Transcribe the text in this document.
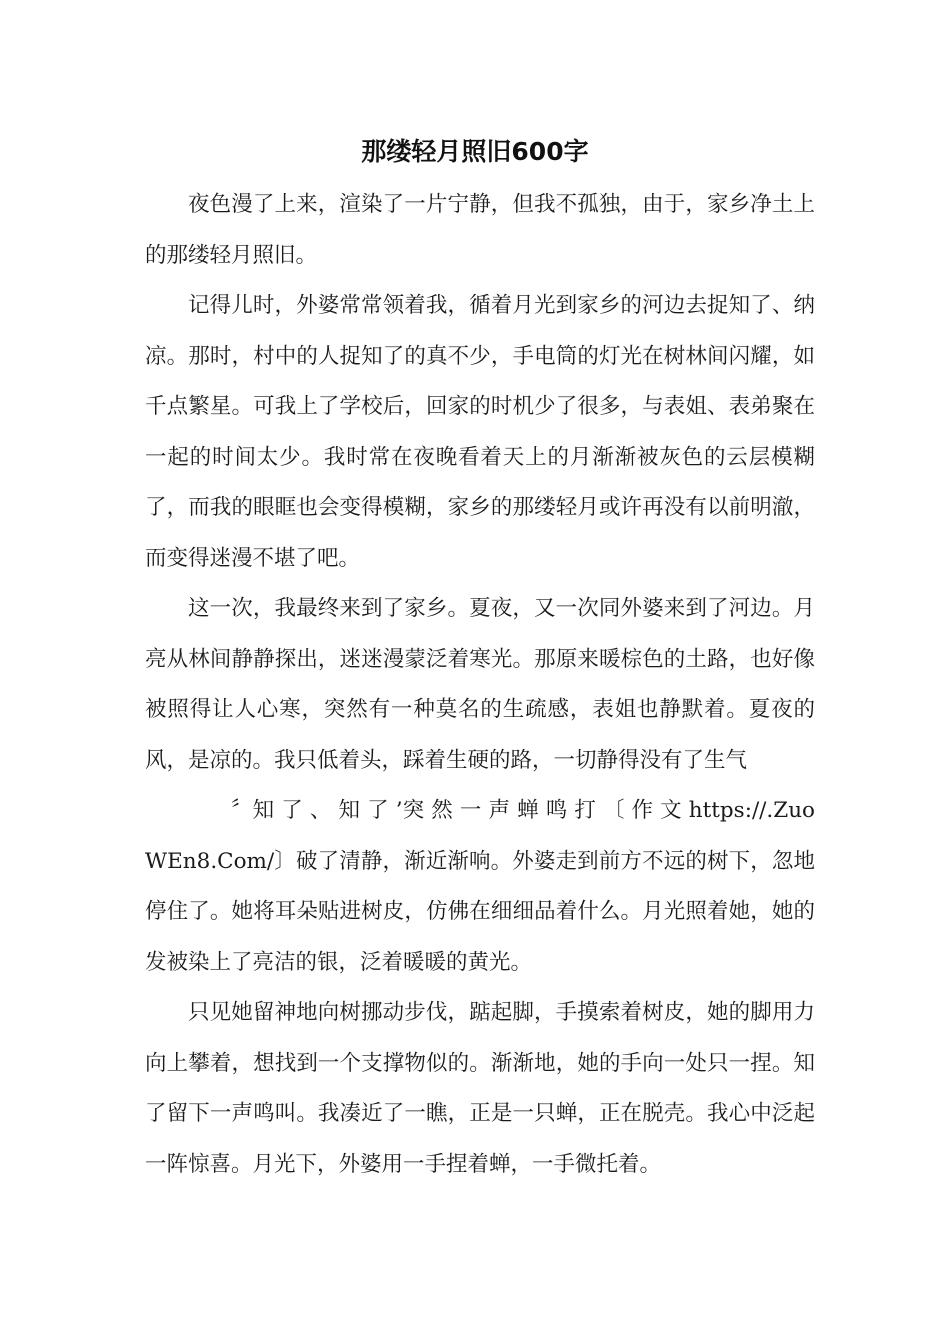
那缕轻月照旧600字

夜色漫了上来，渲染了一片宁静，但我不孤独，由于，家乡净土上的那缕轻月照旧。

记得儿时，外婆常常领着我，循着月光到家乡的河边去捉知了、纳凉。那时，村中的人捉知了的真不少，手电筒的灯光在树林间闪耀，如千点繁星。可我上了学校后，回家的时机少了很多，与表姐、表弟聚在一起的时间太少。我时常在夜晚看着天上的月渐渐被灰色的云层模糊了，而我的眼眶也会变得模糊，家乡的那缕轻月或许再没有以前明澈，而变得迷漫不堪了吧。

这一次，我最终来到了家乡。夏夜，又一次同外婆来到了河边。月亮从林间静静探出，迷迷漫蒙泛着寒光。那原来暖棕色的土路，也好像被照得让人心寒，突然有一种莫名的生疏感，表姐也静默着。夏夜的风，是凉的。我只低着头，踩着生硬的路，一切静得没有了生气

〞知 了 、 知 了 ’突 然 一 声 蝉 鸣 打 〔 作 文 https://.ZuoWEn8.Com/〕破了清静，渐近渐响。外婆走到前方不远的树下，忽地停住了。她将耳朵贴进树皮，仿佛在细细品着什么。月光照着她，她的发被染上了亮洁的银，泛着暖暖的黄光。

只见她留神地向树挪动步伐，踮起脚，手摸索着树皮，她的脚用力向上攀着，想找到一个支撑物似的。渐渐地，她的手向一处只一捏。知了留下一声鸣叫。我凑近了一瞧，正是一只蝉，正在脱壳。我心中泛起一阵惊喜。月光下，外婆用一手捏着蝉，一手微托着。
